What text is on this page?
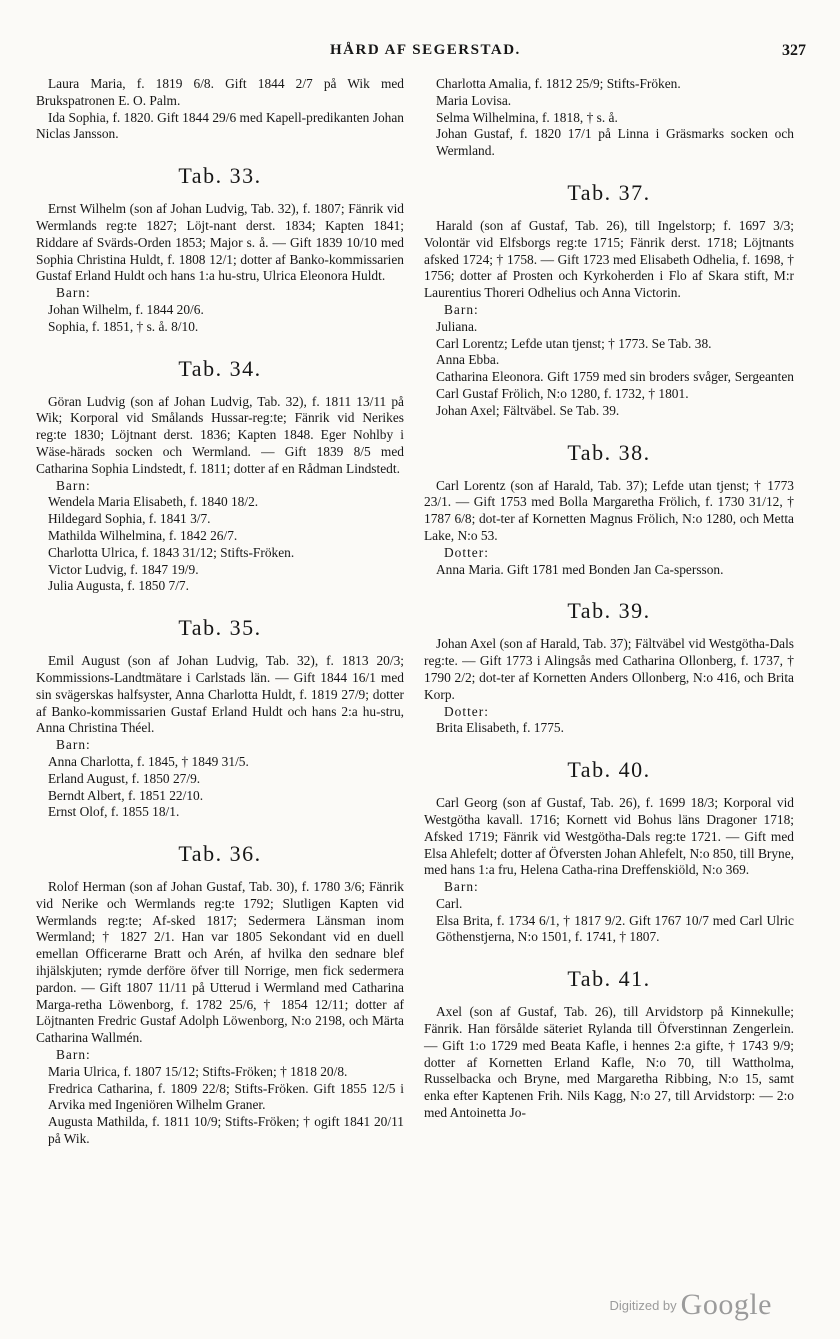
HÅRD AF SEGERSTAD.	327

Laura Maria, f. 1819 6/8. Gift 1844 2/7 på Wik med Brukspatronen E. O. Palm.

Ida Sophia, f. 1820. Gift 1844 29/6 med Kapell-predikanten Johan Niclas Jansson.

Tab. 33.

Ernst Wilhelm (son af Johan Ludvig, Tab. 32), f. 1807; Fänrik vid Wermlands reg:te 1827; Löjt-nant derst. 1834; Kapten 1841; Riddare af Svärds-Orden 1853; Major s. å. — Gift 1839 10/10 med Sophia Christina Huldt, f. 1808 12/1; dotter af Banko-kommissarien Gustaf Erland Huldt och hans 1:a hu-stru, Ulrica Eleonora Huldt.

Barn:

Johan Wilhelm, f. 1844 20/6.

Sophia, f. 1851, † s. å. 8/10.

Tab. 34.

Göran Ludvig (son af Johan Ludvig, Tab. 32), f. 1811 13/11 på Wik; Korporal vid Smålands Hussar-reg:te; Fänrik vid Nerikes reg:te 1830; Löjtnant derst. 1836; Kapten 1848. Eger Nohlby i Wäse-härads socken och Wermland. — Gift 1839 8/5 med Catharina Sophia Lindstedt, f. 1811; dotter af en Rådman Lindstedt.

Barn:

Wendela Maria Elisabeth, f. 1840 18/2.

Hildegard Sophia, f. 1841 3/7.

Mathilda Wilhelmina, f. 1842 26/7.

Charlotta Ulrica, f. 1843 31/12; Stifts-Fröken.

Victor Ludvig, f. 1847 19/9.

Julia Augusta, f. 1850 7/7.

Tab. 35.

Emil August (son af Johan Ludvig, Tab. 32), f. 1813 20/3; Kommissions-Landtmätare i Carlstads län. — Gift 1844 16/1 med sin svägerskas halfsyster, Anna Charlotta Huldt, f. 1819 27/9; dotter af Banko-kommissarien Gustaf Erland Huldt och hans 2:a hu-stru, Anna Christina Théel.

Barn:

Anna Charlotta, f. 1845, † 1849 31/5.

Erland August, f. 1850 27/9.

Berndt Albert, f. 1851 22/10.

Ernst Olof, f. 1855 18/1.

Tab. 36.

Rolof Herman (son af Johan Gustaf, Tab. 30), f. 1780 3/6; Fänrik vid Nerike och Wermlands reg:te 1792; Slutligen Kapten vid Wermlands reg:te; Af-sked 1817; Sedermera Länsman inom Wermland; † 1827 2/1. Han var 1805 Sekondant vid en duell emellan Officerarne Bratt och Arén, af hvilka den sednare blef ihjälskjuten; rymde derföre öfver till Norrige, men fick sedermera pardon. — Gift 1807 11/11 på Utterud i Wermland med Catharina Marga-retha Löwenborg, f. 1782 25/6, † 1854 12/11; dotter af Löjtnanten Fredric Gustaf Adolph Löwenborg, N:o 2198, och Märta Catharina Wallmén.

Barn:

Maria Ulrica, f. 1807 15/12; Stifts-Fröken; † 1818 20/8.

Fredrica Catharina, f. 1809 22/8; Stifts-Fröken. Gift 1855 12/5 i Arvika med Ingeniören Wilhelm Graner.

Augusta Mathilda, f. 1811 10/9; Stifts-Fröken; † ogift 1841 20/11 på Wik.

Charlotta Amalia, f. 1812 25/9; Stifts-Fröken.

Maria Lovisa.

Selma Wilhelmina, f. 1818, † s. å.

Johan Gustaf, f. 1820 17/1 på Linna i Gräsmarks socken och Wermland.

Tab. 37.

Harald (son af Gustaf, Tab. 26), till Ingelstorp; f. 1697 3/3; Volontär vid Elfsborgs reg:te 1715; Fänrik derst. 1718; Löjtnants afsked 1724; † 1758. — Gift 1723 med Elisabeth Odhelia, f. 1698, † 1756; dotter af Prosten och Kyrkoherden i Flo af Skara stift, M:r Laurentius Thoreri Odhelius och Anna Victorin.

Barn:

Juliana.

Carl Lorentz; Lefde utan tjenst; † 1773. Se Tab. 38.

Anna Ebba.

Catharina Eleonora. Gift 1759 med sin broders svåger, Sergeanten Carl Gustaf Frölich, N:o 1280, f. 1732, † 1801.

Johan Axel; Fältväbel. Se Tab. 39.

Tab. 38.

Carl Lorentz (son af Harald, Tab. 37); Lefde utan tjenst; † 1773 23/1. — Gift 1753 med Bolla Margaretha Frölich, f. 1730 31/12, † 1787 6/8; dot-ter af Kornetten Magnus Frölich, N:o 1280, och Metta Lake, N:o 53.

Dotter:

Anna Maria. Gift 1781 med Bonden Jan Ca-spersson.

Tab. 39.

Johan Axel (son af Harald, Tab. 37); Fältväbel vid Westgötha-Dals reg:te. — Gift 1773 i Alingsås med Catharina Ollonberg, f. 1737, † 1790 2/2; dot-ter af Kornetten Anders Ollonberg, N:o 416, och Brita Korp.

Dotter:

Brita Elisabeth, f. 1775.

Tab. 40.

Carl Georg (son af Gustaf, Tab. 26), f. 1699 18/3; Korporal vid Westgötha kavall. 1716; Kornett vid Bohus läns Dragoner 1718; Afsked 1719; Fänrik vid Westgötha-Dals reg:te 1721. — Gift med Elsa Ahlefelt; dotter af Öfversten Johan Ahlefelt, N:o 850, till Bryne, med hans 1:a fru, Helena Catha-rina Dreffenskiöld, N:o 369.

Barn:

Carl.

Elsa Brita, f. 1734 6/1, † 1817 9/2. Gift 1767 10/7 med Carl Ulric Göthenstjerna, N:o 1501, f. 1741, † 1807.

Tab. 41.

Axel (son af Gustaf, Tab. 26), till Arvidstorp på Kinnekulle; Fänrik. Han försålde säteriet Rylanda till Öfverstinnan Zengerlein. — Gift 1:o 1729 med Beata Kafle, i hennes 2:a gifte, † 1743 9/9; dotter af Kornetten Erland Kafle, N:o 70, till Wattholma, Russelbacka och Bryne, med Margaretha Ribbing, N:o 15, samt enka efter Kaptenen Frih. Nils Kagg, N:o 27, till Arvidstorp: — 2:o med Antoinetta Jo-

$^{Digitized by}$ Google
